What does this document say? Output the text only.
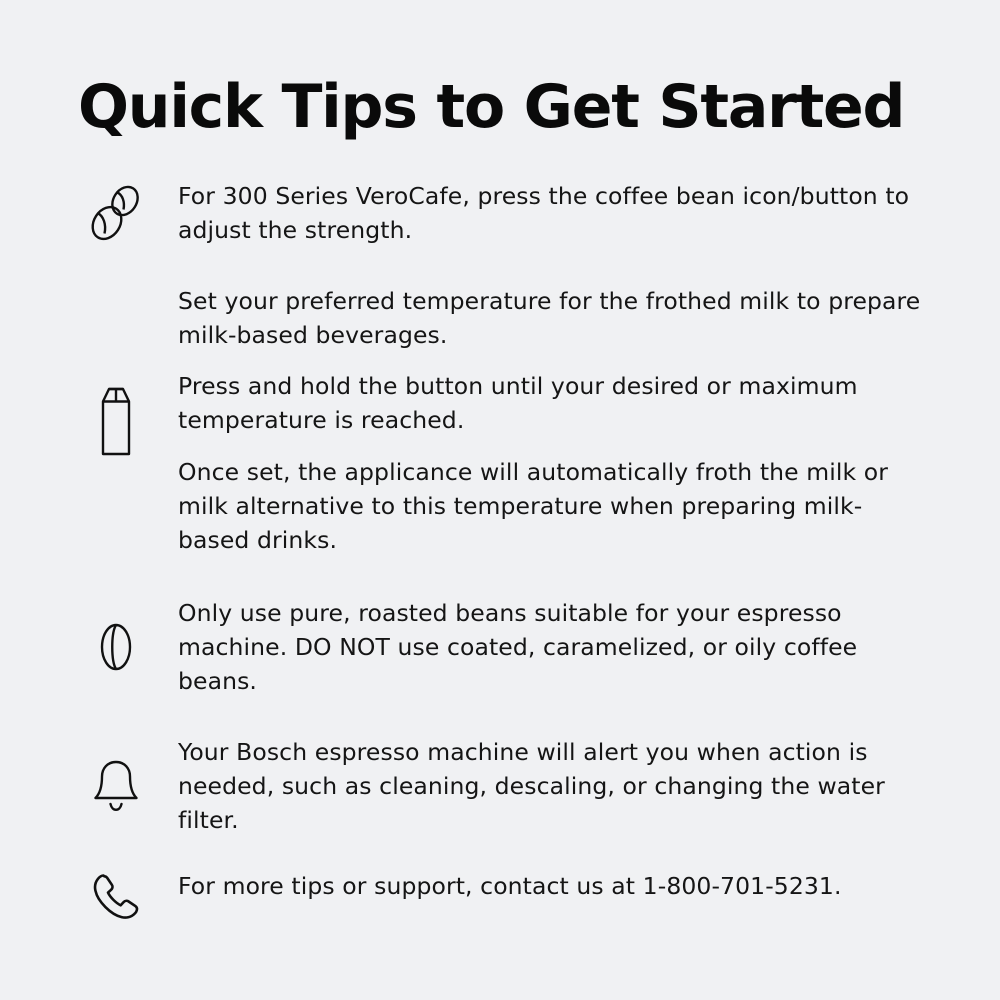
Quick Tips to Get Started

For 300 Series VeroCafe, press the coffee bean icon/button to adjust the strength.

Set your preferred temperature for the frothed milk to prepare milk-based beverages.

Press and hold the button until your desired or maximum temperature is reached.

Once set, the applicance will automatically froth the milk or milk alternative to this temperature when preparing milk-based drinks.

Only use pure, roasted beans suitable for your espresso machine. DO NOT use coated, caramelized, or oily coffee beans.

Your Bosch espresso machine will alert you when action is needed, such as cleaning, descaling, or changing the water filter.

For more tips or support, contact us at 1-800-701-5231.
